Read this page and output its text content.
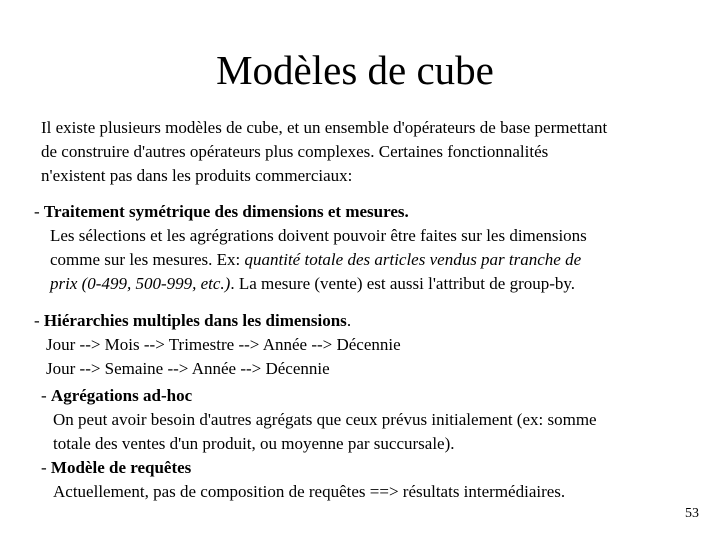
Modèles de cube
Il existe plusieurs modèles de cube, et un ensemble d'opérateurs de base permettant
de construire d'autres opérateurs plus complexes. Certaines fonctionnalités
n'existent pas dans les produits commerciaux:
- Traitement symétrique des dimensions et mesures.
Les sélections et les agrégrations doivent pouvoir être faites sur les dimensions
comme sur les mesures. Ex: quantité totale des articles vendus par tranche de
prix (0-499, 500-999, etc.). La mesure (vente) est aussi l'attribut de group-by.
- Hiérarchies multiples dans les dimensions.
Jour --> Mois --> Trimestre --> Année --> Décennie
Jour --> Semaine --> Année --> Décennie
- Agrégations ad-hoc
On peut avoir besoin d'autres agrégats que ceux prévus initialement (ex: somme
totale des ventes d'un produit, ou moyenne par succursale).
- Modèle de requêtes
Actuellement, pas de composition de requêtes ==> résultats intermédiaires.
53
